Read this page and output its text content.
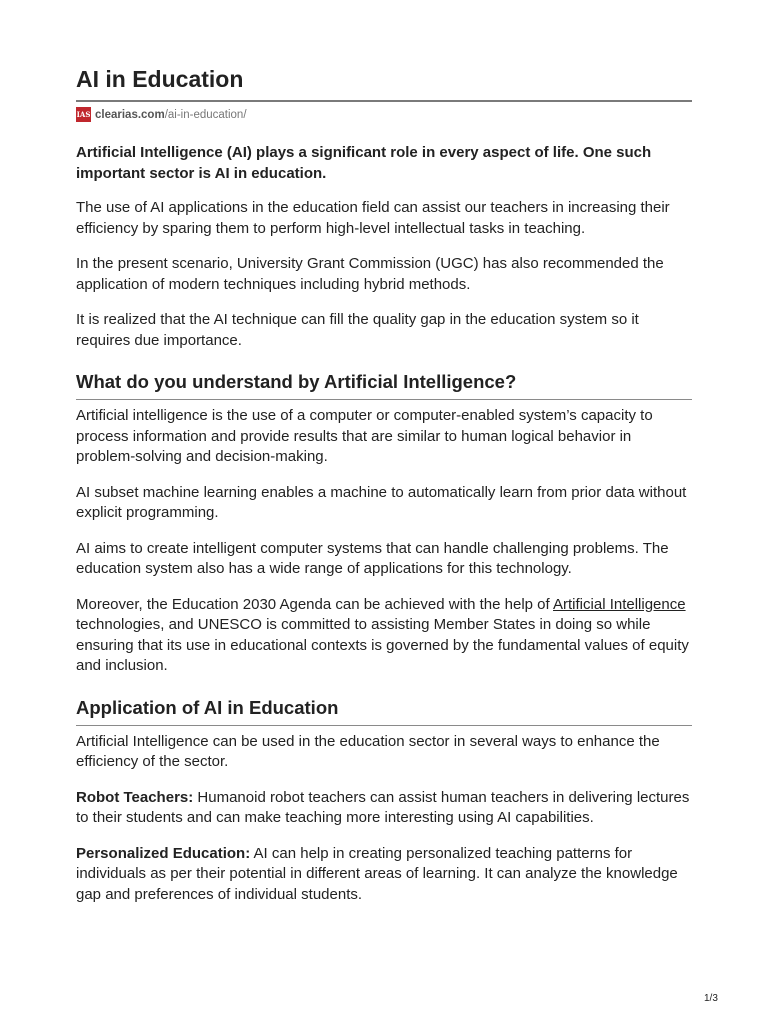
AI in Education
IAS clearias.com /ai-in-education/

Artificial Intelligence (AI) plays a significant role in every aspect of life. One such important sector is AI in education.

The use of AI applications in the education field can assist our teachers in increasing their efficiency by sparing them to perform high-level intellectual tasks in teaching.

In the present scenario, University Grant Commission (UGC) has also recommended the application of modern techniques including hybrid methods.

It is realized that the AI technique can fill the quality gap in the education system so it requires due importance.

What do you understand by Artificial Intelligence?

Artificial intelligence is the use of a computer or computer-enabled system’s capacity to process information and provide results that are similar to human logical behavior in problem-solving and decision-making.

AI subset machine learning enables a machine to automatically learn from prior data without explicit programming.

AI aims to create intelligent computer systems that can handle challenging problems. The education system also has a wide range of applications for this technology.

Moreover, the Education 2030 Agenda can be achieved with the help of Artificial Intelligence technologies, and UNESCO is committed to assisting Member States in doing so while ensuring that its use in educational contexts is governed by the fundamental values of equity and inclusion.

Application of AI in Education

Artificial Intelligence can be used in the education sector in several ways to enhance the efficiency of the sector.

Robot Teachers: Humanoid robot teachers can assist human teachers in delivering lectures to their students and can make teaching more interesting using AI capabilities.

Personalized Education: AI can help in creating personalized teaching patterns for individuals as per their potential in different areas of learning. It can analyze the knowledge gap and preferences of individual students.

1/3
